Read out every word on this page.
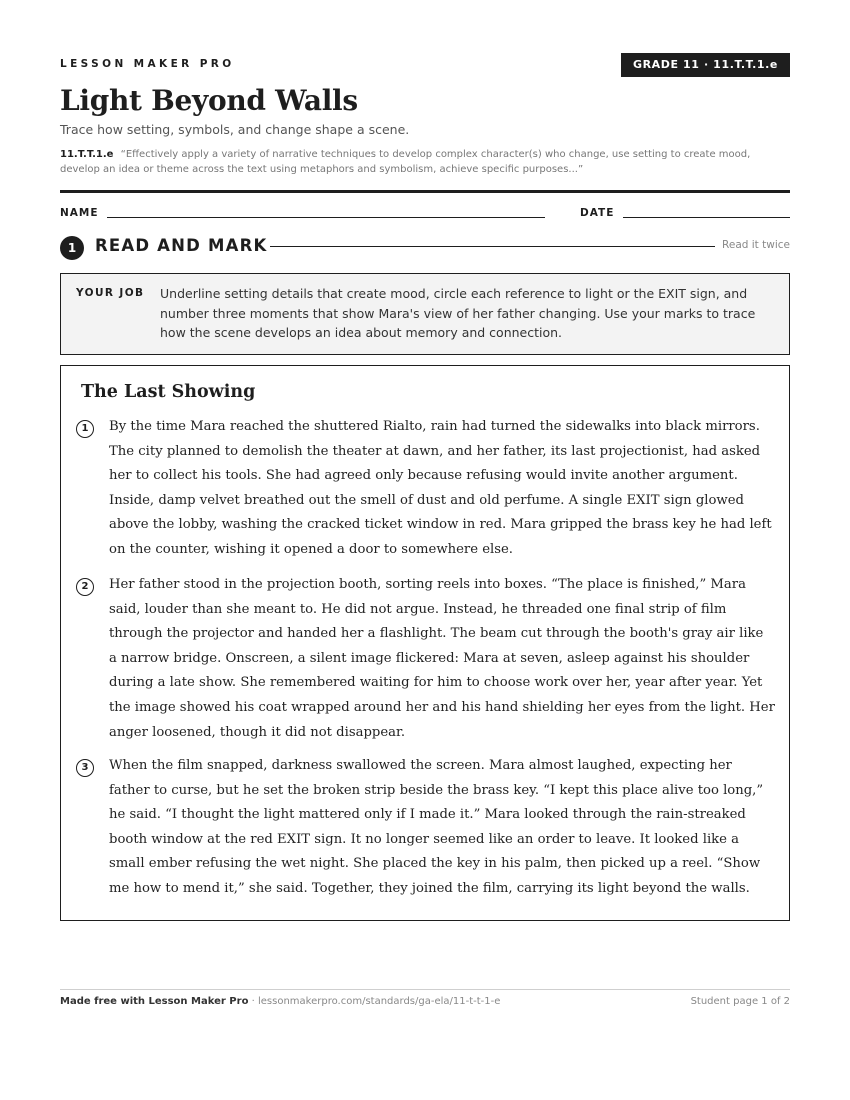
LESSON MAKER PRO	GRADE 11 · 11.T.T.1.e
Light Beyond Walls
Trace how setting, symbols, and change shape a scene.
11.T.T.1.e “Effectively apply a variety of narrative techniques to develop complex character(s) who change, use setting to create mood, develop an idea or theme across the text using metaphors and symbolism, achieve specific purposes...”
NAME	DATE
1	READ AND MARK	Read it twice
YOUR JOB Underline setting details that create mood, circle each reference to light or the EXIT sign, and number three moments that show Mara's view of her father changing. Use your marks to trace how the scene develops an idea about memory and connection.
The Last Showing
1	By the time Mara reached the shuttered Rialto, rain had turned the sidewalks into black mirrors. The city planned to demolish the theater at dawn, and her father, its last projectionist, had asked her to collect his tools. She had agreed only because refusing would invite another argument. Inside, damp velvet breathed out the smell of dust and old perfume. A single EXIT sign glowed above the lobby, washing the cracked ticket window in red. Mara gripped the brass key he had left on the counter, wishing it opened a door to somewhere else.
2	Her father stood in the projection booth, sorting reels into boxes. “The place is finished,” Mara said, louder than she meant to. He did not argue. Instead, he threaded one final strip of film through the projector and handed her a flashlight. The beam cut through the booth's gray air like a narrow bridge. Onscreen, a silent image flickered: Mara at seven, asleep against his shoulder during a late show. She remembered waiting for him to choose work over her, year after year. Yet the image showed his coat wrapped around her and his hand shielding her eyes from the light. Her anger loosened, though it did not disappear.
3	When the film snapped, darkness swallowed the screen. Mara almost laughed, expecting her father to curse, but he set the broken strip beside the brass key. “I kept this place alive too long,” he said. “I thought the light mattered only if I made it.” Mara looked through the rain-streaked booth window at the red EXIT sign. It no longer seemed like an order to leave. It looked like a small ember refusing the wet night. She placed the key in his palm, then picked up a reel. “Show me how to mend it,” she said. Together, they joined the film, carrying its light beyond the walls.
Made free with Lesson Maker Pro · lessonmakerpro.com/standards/ga-ela/11-t-t-1-e	Student page 1 of 2
